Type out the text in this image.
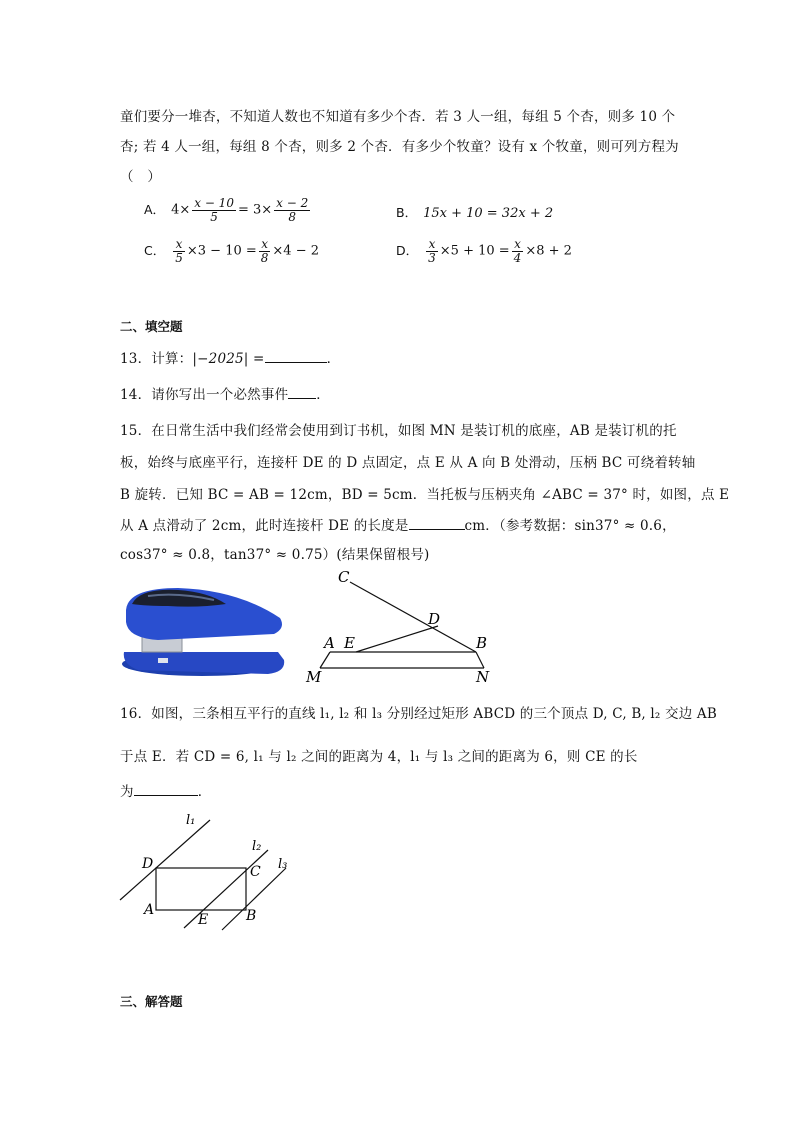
童们要分一堆杏，不知道人数也不知道有多少个杏．若 3 人一组，每组 5 个杏，则多 10 个
杏; 若 4 人一组，每组 8 个杏，则多 2 个杏．有多少个牧童？设有 x 个牧童，则可列方程为
（　）
A． $4\times \frac{x - 10}{5} = 3\times \frac{x - 2}{8}$	B． 15x + 10 = 32x + 2
C． $\frac{x}{5} \times 3 - 10 = \frac{x}{8} \times 4 - 2$	D． $\frac{x}{3} \times 5 + 10 = \frac{x}{4} \times 8 + 2$
二、填空题
13．计算：|−2025| =	．
14．请你写出一个必然事件 ．
15．在日常生活中我们经常会使用到订书机，如图 MN 是装订机的底座，AB 是装订机的托
板，始终与底座平行，连接杆 DE 的 D 点固定，点 E 从 A 向 B 处滑动，压柄 BC 可绕着转轴
B 旋转．已知 BC = AB = 12cm，BD = 5cm．当托板与压柄夹角 ∠ABC = 37° 时，如图，点 E
从 A 点滑动了 2cm，此时连接杆 DE 的长度是	cm．（参考数据：sin37° ≈ 0.6，
cos37° ≈ 0.8，tan37° ≈ 0.75）(结果保留根号)
C
D
A E	B
M	N
16．如图，三条相互平行的直线 l₁, l₂ 和 l₃ 分别经过矩形 ABCD 的三个顶点 D, C, B, l₂ 交边 AB
于点 E．若 CD = 6, l₁ 与 l₂ 之间的距离为 4，l₁ 与 l₃ 之间的距离为 6，则 CE 的长
为	．
l₁
l₂
l₃
D	C
A
E	B
三、解答题
